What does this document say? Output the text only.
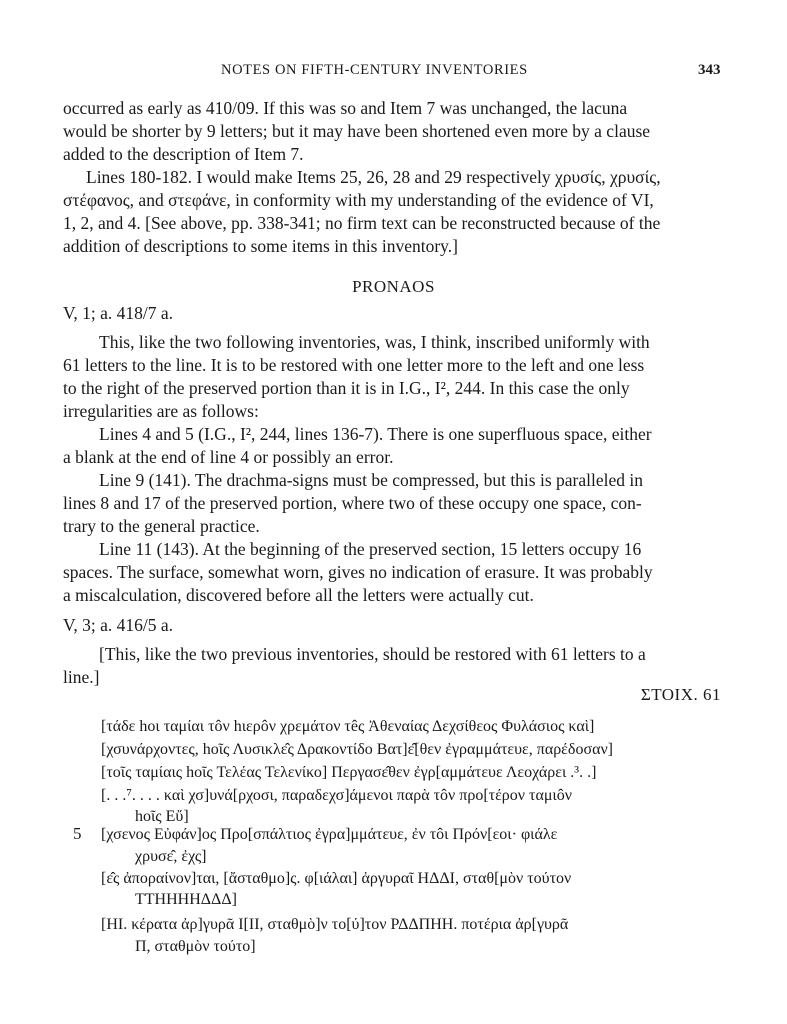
NOTES ON FIFTH-CENTURY INVENTORIES	343
occurred as early as 410/09. If this was so and Item 7 was unchanged, the lacuna
would be shorter by 9 letters; but it may have been shortened even more by a clause
added to the description of Item 7.
Lines 180-182. I would make Items 25, 26, 28 and 29 respectively χρυσίς, χρυσίς,
στέφανος, and στεφάνε, in conformity with my understanding of the evidence of VI,
1, 2, and 4. [See above, pp. 338-341; no firm text can be reconstructed because of the
addition of descriptions to some items in this inventory.]
PRONAOS
V, 1; a. 418/7 a.
This, like the two following inventories, was, I think, inscribed uniformly with
61 letters to the line. It is to be restored with one letter more to the left and one less
to the right of the preserved portion than it is in I.G., I², 244. In this case the only
irregularities are as follows:
Lines 4 and 5 (I.G., I², 244, lines 136-7). There is one superfluous space, either
a blank at the end of line 4 or possibly an error.
Line 9 (141). The drachma-signs must be compressed, but this is paralleled in
lines 8 and 17 of the preserved portion, where two of these occupy one space, con-
trary to the general practice.
Line 11 (143). At the beginning of the preserved section, 15 letters occupy 16
spaces. The surface, somewhat worn, gives no indication of erasure. It was probably
a miscalculation, discovered before all the letters were actually cut.
V, 3; a. 416/5 a.
[This, like the two previous inventories, should be restored with 61 letters to a
line.]
ΣΤΟΙΧ. 61
[τάδε hοι ταμίαι τôν hιερôν χρεμάτον τêς Ἀθεναίας Δεχσίθεος Φυλάσιος καὶ]
[χσυνάρχοντες, hοῖς Λυσικλε̂ς Δρακοντίδο Βατ]ε̂[θεν ἐγραμμάτευε, παρέδοσαν]
[τοῖς ταμίαις hοῖς Τελέας Τελενίκο] Περγασε̂θεν ἐγρ[αμμάτευε Λεοχάρει .³. .]
[. . .⁷. . . . καὶ χσ]υνά[ρχοσι, παραδεχσ]άμενοι παρὰ τôν προ[τέρον ταμιôν
hοῖς Εὔ]
5 [χσενος Εὐφάν]ος Προ[σπάλτιος ἐγρα]μμάτευε, ἐν τôι Πρόν[εοι· φιάλε
χρυσε̂, ἐχς]
[ε̂ς ἀποραίνον]ται, [ἄσταθμο]ς. φ[ιάλαι] ἀργυραῖ ΗΔΔΙ, σταθ[μὸν τούτον
ΤΤΗΗΗΗΔΔΔ]
[ΗΙ. κέρατα ἀρ]γυρᾶ Ι[ΙΙ, σταθμὸ]ν το[ύ]τον ΡΔΔΠΗΗ. ποτέρια ἀρ[γυρᾶ
Π, σταθμὸν τούτο]
